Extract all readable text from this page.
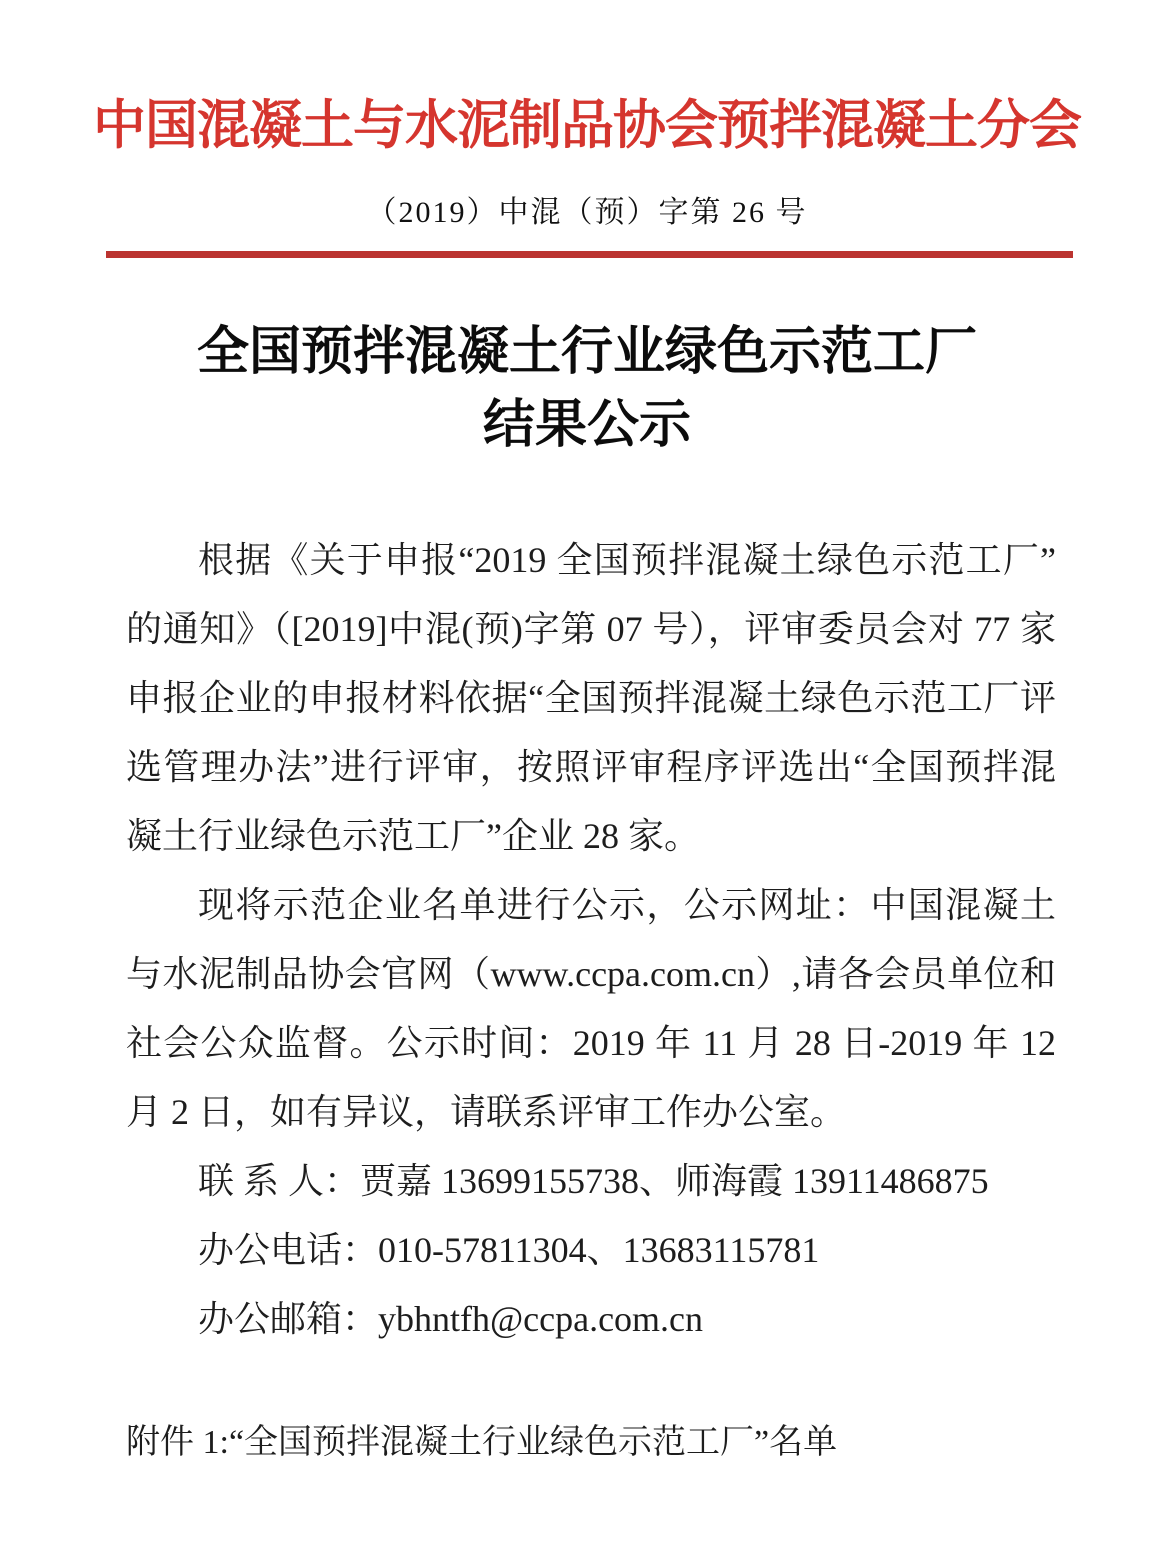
中国混凝土与水泥制品协会预拌混凝土分会
（2019）中混（预）字第 26 号
全国预拌混凝土行业绿色示范工厂
结果公示

根据《关于申报“2019 全国预拌混凝土绿色示范工厂”的通知》（[2019]中混(预)字第 07 号），评审委员会对 77 家申报企业的申报材料依据“全国预拌混凝土绿色示范工厂评选管理办法”进行评审，按照评审程序评选出“全国预拌混凝土行业绿色示范工厂”企业 28 家。

现将示范企业名单进行公示，公示网址：中国混凝土与水泥制品协会官网（www.ccpa.com.cn）,请各会员单位和社会公众监督。公示时间：2019 年 11 月 28 日-2019 年 12 月 2 日，如有异议，请联系评审工作办公室。

联 系 人：贾嘉 13699155738、师海霞 13911486875

办公电话：010-57811304、13683115781

办公邮箱：ybhntfh@ccpa.com.cn

附件 1:“全国预拌混凝土行业绿色示范工厂”名单
